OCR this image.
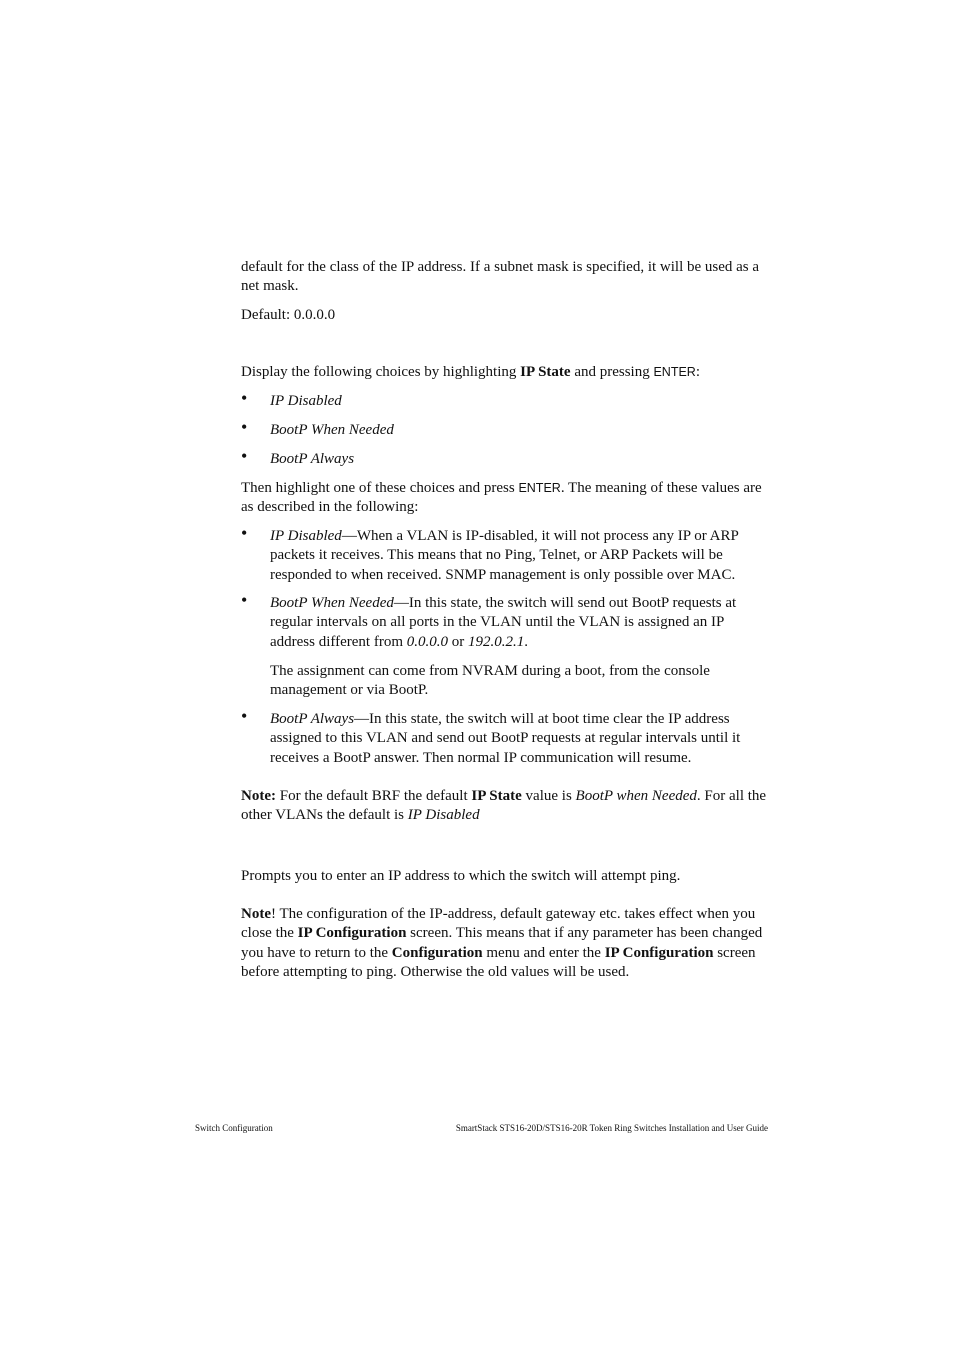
default for the class of the IP address. If a subnet mask is specified, it will be used as a net mask.

Default: 0.0.0.0

Display the following choices by highlighting IP State and pressing ENTER:

• IP Disabled
• BootP When Needed
• BootP Always

Then highlight one of these choices and press ENTER. The meaning of these values are as described in the following:

• IP Disabled—When a VLAN is IP-disabled, it will not process any IP or ARP packets it receives. This means that no Ping, Telnet, or ARP Packets will be responded to when received. SNMP management is only possible over MAC.
• BootP When Needed—In this state, the switch will send out BootP requests at regular intervals on all ports in the VLAN until the VLAN is assigned an IP address different from 0.0.0.0 or 192.0.2.1.

The assignment can come from NVRAM during a boot, from the console management or via BootP.

• BootP Always—In this state, the switch will at boot time clear the IP address assigned to this VLAN and send out BootP requests at regular intervals until it receives a BootP answer. Then normal IP communication will resume.

Note: For the default BRF the default IP State value is BootP when Needed. For all the other VLANs the default is IP Disabled

Prompts you to enter an IP address to which the switch will attempt ping.

Note! The configuration of the IP-address, default gateway etc. takes effect when you close the IP Configuration screen. This means that if any parameter has been changed you have to return to the Configuration menu and enter the IP Configuration screen before attempting to ping. Otherwise the old values will be used.

Switch Configuration	SmartStack STS16-20D/STS16-20R Token Ring Switches Installation and User Guide
